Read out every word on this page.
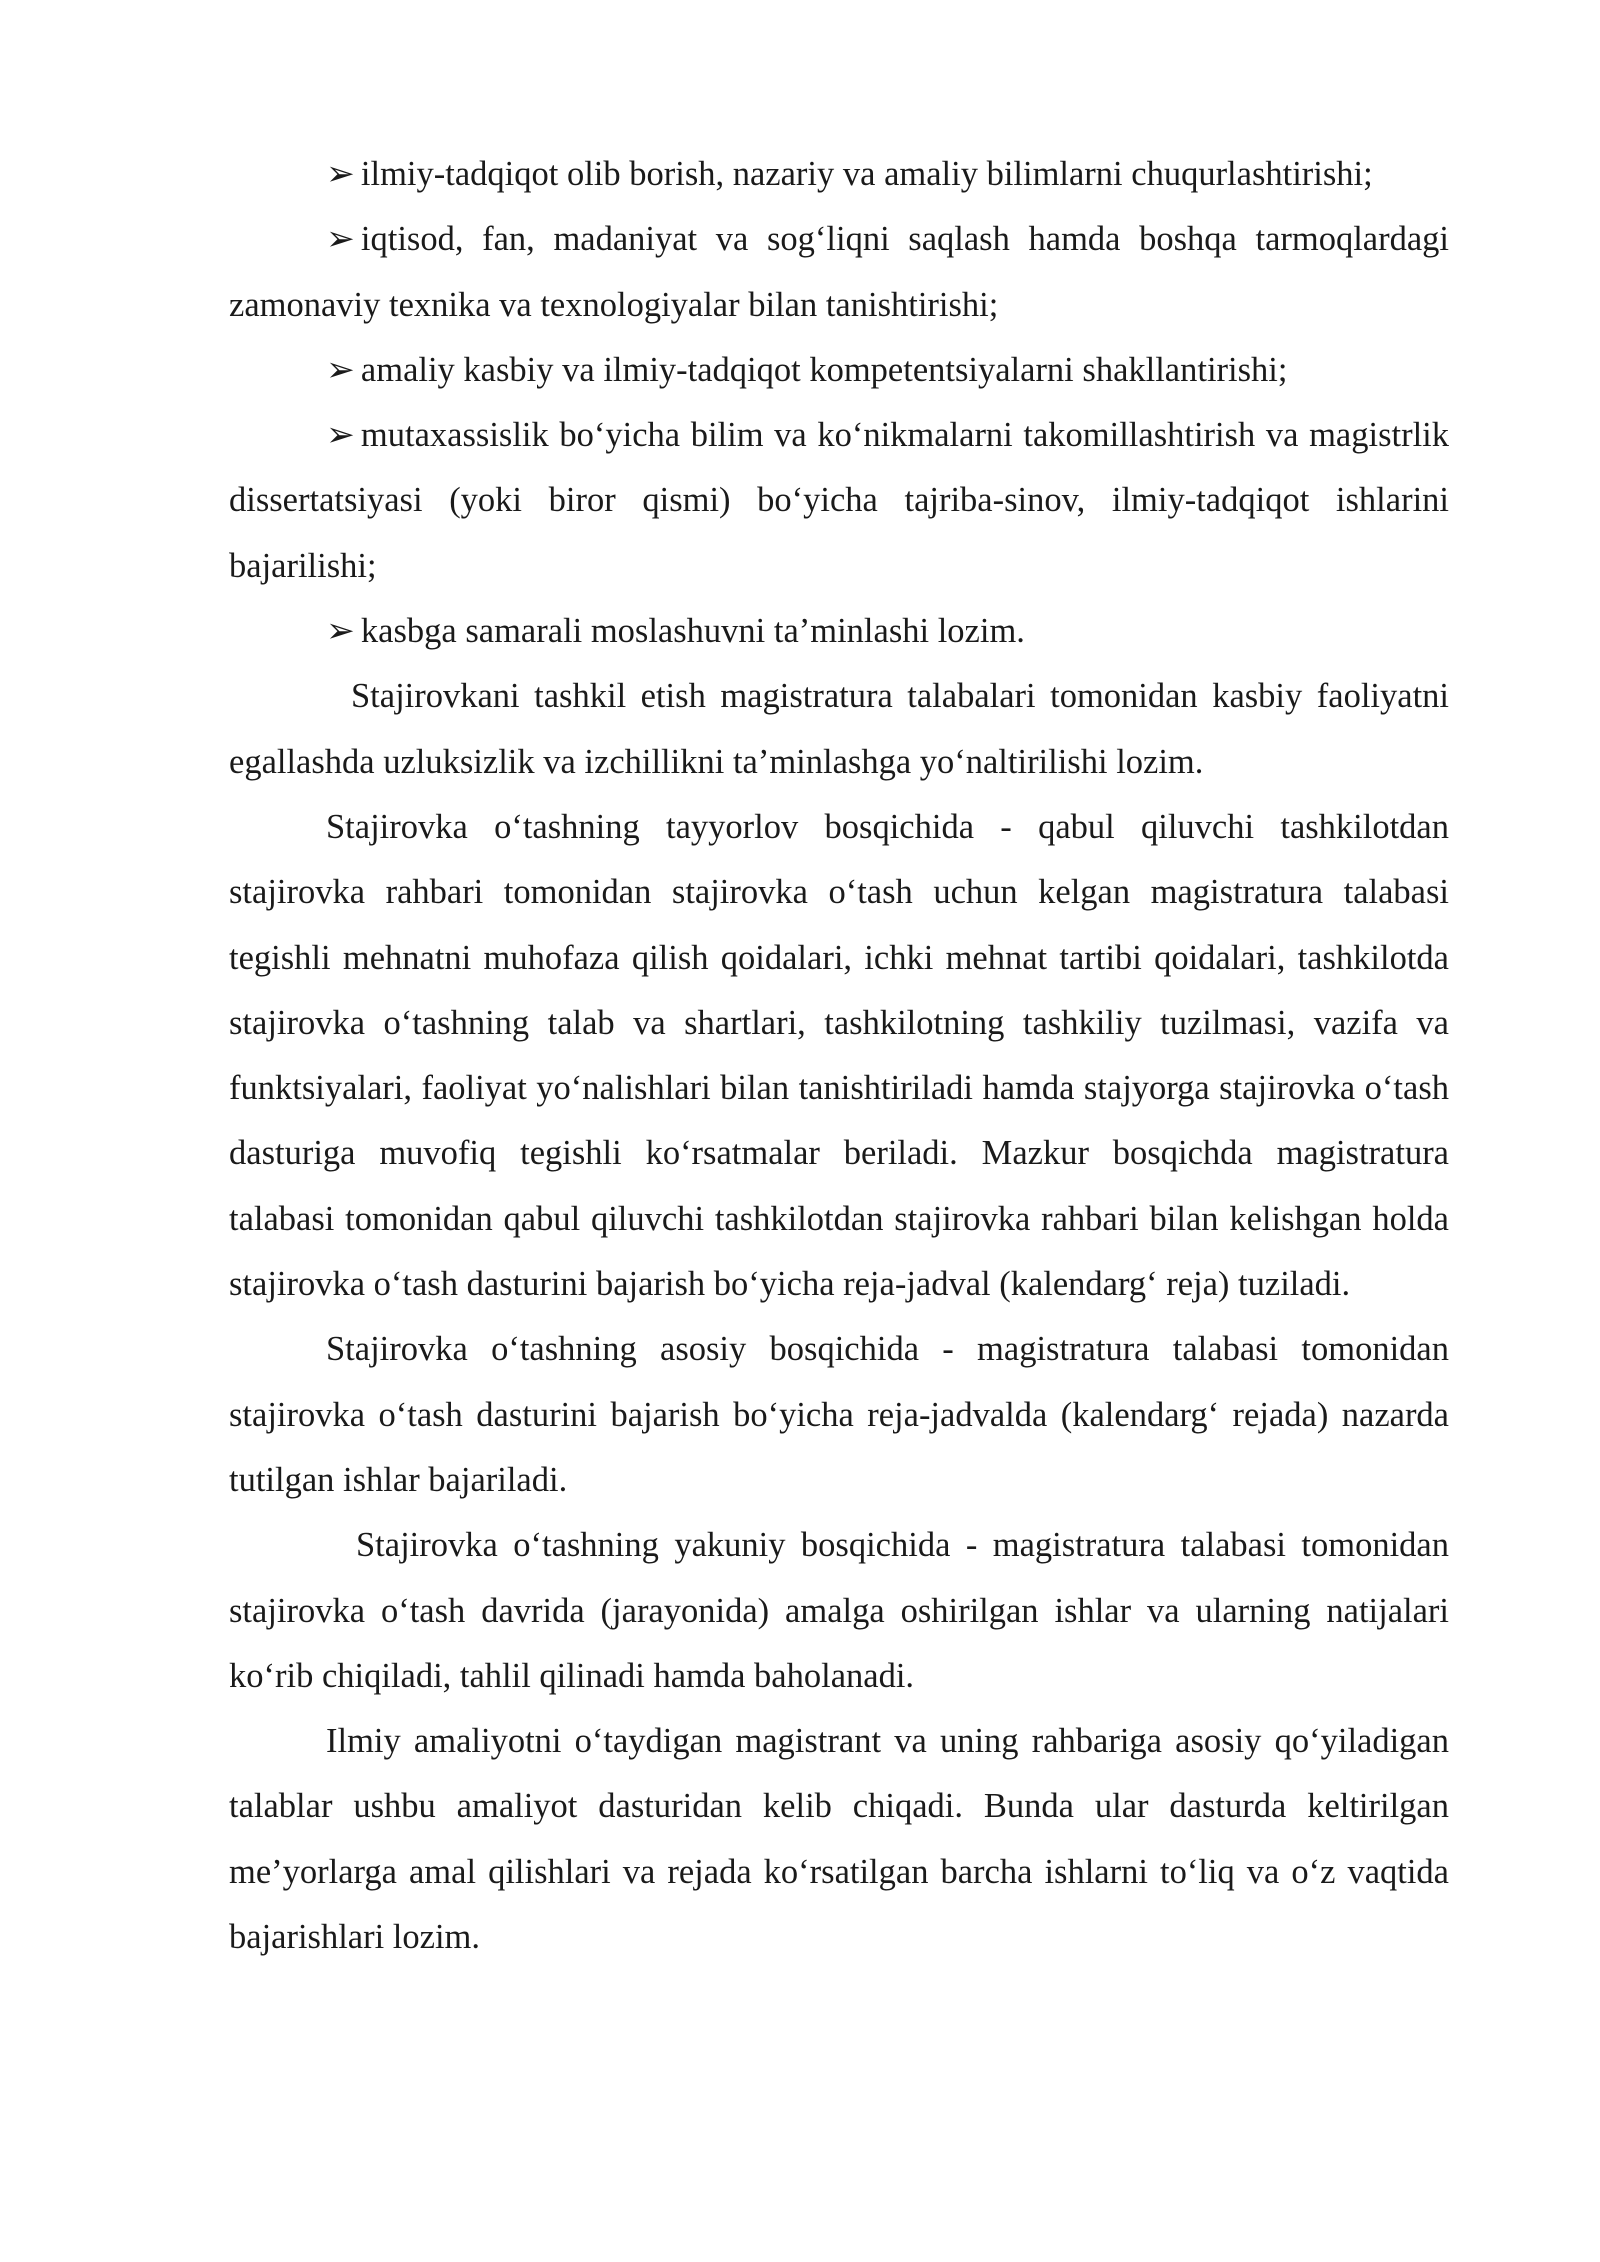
➢ ilmiy-tadqiqot olib borish, nazariy va amaliy bilimlarni chuqurlashtirishi;

➢ iqtisod, fan, madaniyat va sog‘liqni saqlash hamda boshqa tarmoqlardagi zamonaviy texnika va texnologiyalar bilan tanishtirishi;

➢ amaliy kasbiy va ilmiy-tadqiqot kompetentsiyalarni shakllantirishi;

➢ mutaxassislik bo‘yicha bilim va ko‘nikmalarni takomillashtirish va magistrlik dissertatsiyasi (yoki biror qismi) bo‘yicha tajriba-sinov, ilmiy-tadqiqot ishlarini bajarilishi;

➢ kasbga samarali moslashuvni ta’minlashi lozim.

Stajirovkani tashkil etish magistratura talabalari tomonidan kasbiy faoliyatni egallashda uzluksizlik va izchillikni ta’minlashga yo‘naltirilishi lozim.

Stajirovka o‘tashning tayyorlov bosqichida - qabul qiluvchi tashkilotdan stajirovka rahbari tomonidan stajirovka o‘tash uchun kelgan magistratura talabasi tegishli mehnatni muhofaza qilish qoidalari, ichki mehnat tartibi qoidalari, tashkilotda stajirovka o‘tashning talab va shartlari, tashkilotning tashkiliy tuzilmasi, vazifa va funktsiyalari, faoliyat yo‘nalishlari bilan tanishtiriladi hamda stajyorga stajirovka o‘tash dasturiga muvofiq tegishli ko‘rsatmalar beriladi. Mazkur bosqichda magistratura talabasi tomonidan qabul qiluvchi tashkilotdan stajirovka rahbari bilan kelishgan holda stajirovka o‘tash dasturini bajarish bo‘yicha reja-jadval (kalendarg‘ reja) tuziladi.

Stajirovka o‘tashning asosiy bosqichida - magistratura talabasi tomonidan stajirovka o‘tash dasturini bajarish bo‘yicha reja-jadvalda (kalendarg‘ rejada) nazarda tutilgan ishlar bajariladi.

Stajirovka o‘tashning yakuniy bosqichida - magistratura talabasi tomonidan stajirovka o‘tash davrida (jarayonida) amalga oshirilgan ishlar va ularning natijalari ko‘rib chiqiladi, tahlil qilinadi hamda baholanadi.

Ilmiy amaliyotni o‘taydigan magistrant va uning rahbariga asosiy qo‘yiladigan talablar ushbu amaliyot dasturidan kelib chiqadi. Bunda ular dasturda keltirilgan me’yorlarga amal qilishlari va rejada ko‘rsatilgan barcha ishlarni to‘liq va o‘z vaqtida bajarishlari lozim.
